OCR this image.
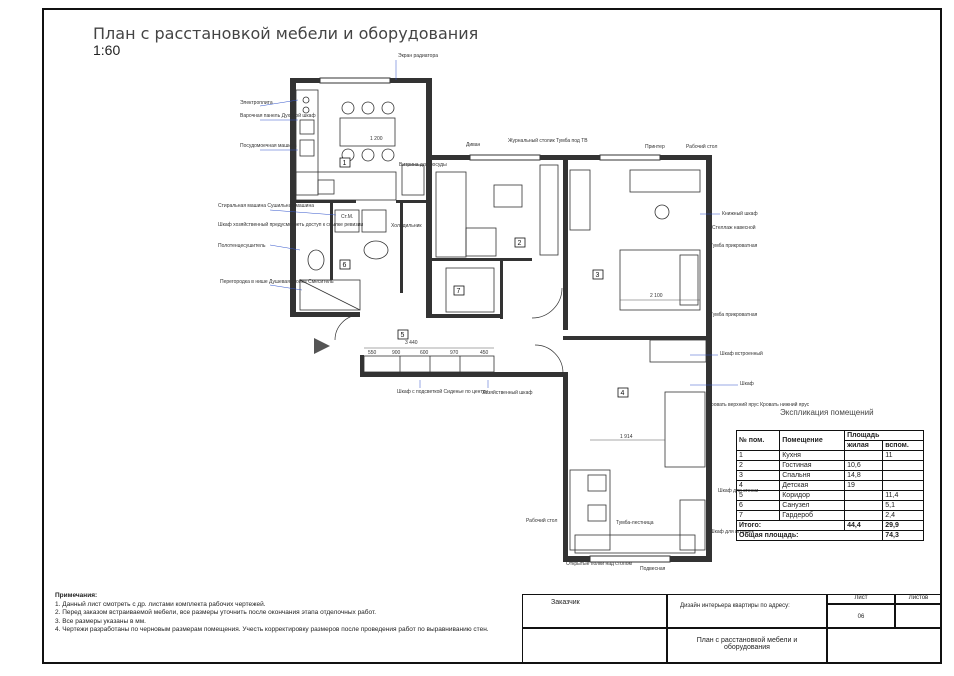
План с расстановкой мебели и оборудования
1:60
1
2
3
4
5
6
7
Экран радиатора
Электроплита
Варочная панель Духовой шкаф
Посудомоечная машина
Витрина для посуды
Стиральная машина Сушильная машина
Шкаф хозяйственный предусмотреть доступ к ссылке ревизии
Полотенцесушитель
Перегородка в нише Душевая стойка Смеситель
Холодильник
Диван
Журнальный столик Тумба под ТВ
Принтер	Рабочий стол
Книжный шкаф
Стеллаж навесной
Тумба прикроватная
Тумба прикроватная
Шкаф встроенный
Шкаф
Кровать верхний ярус Кровать нижний ярус
Шкаф с подсветкой Сиденье по центру
Хозяйственный шкаф
Рабочий стол	Тумба-лестница
Открытые полки над столом
Шкаф для стенки
Шкаф для игрушек
Подвесная
1 200
2 100
1 914
3 440
550	900	600	970	450
Ст.М.
Экспликация помещений
№ пом.	Помещение	Площадь	
		жилая	вспом.
1	Кухня		11
2	Гостиная	10,6	
3	Спальня	14,8	
4	Детская	19	
5	Коридор		11,4
6	Санузел		5,1
7	Гардероб		2,4
Итого:		44,4	29,9
Общая площадь:			74,3
Примечания:
1. Данный лист смотреть с др. листами комплекта рабочих чертежей.
2. Перед заказом встраиваемой мебели, все размеры уточнить после окончания этапа отделочных работ.
3. Все размеры указаны в мм.
4. Чертежи разработаны по черновым размерам помещения. Учесть корректировку размеров после проведения работ по выравниванию стен.
Заказчик	Дизайн интерьера квартиры по адресу:
План с расстановкой мебели и оборудования
Лист	Листов
06
